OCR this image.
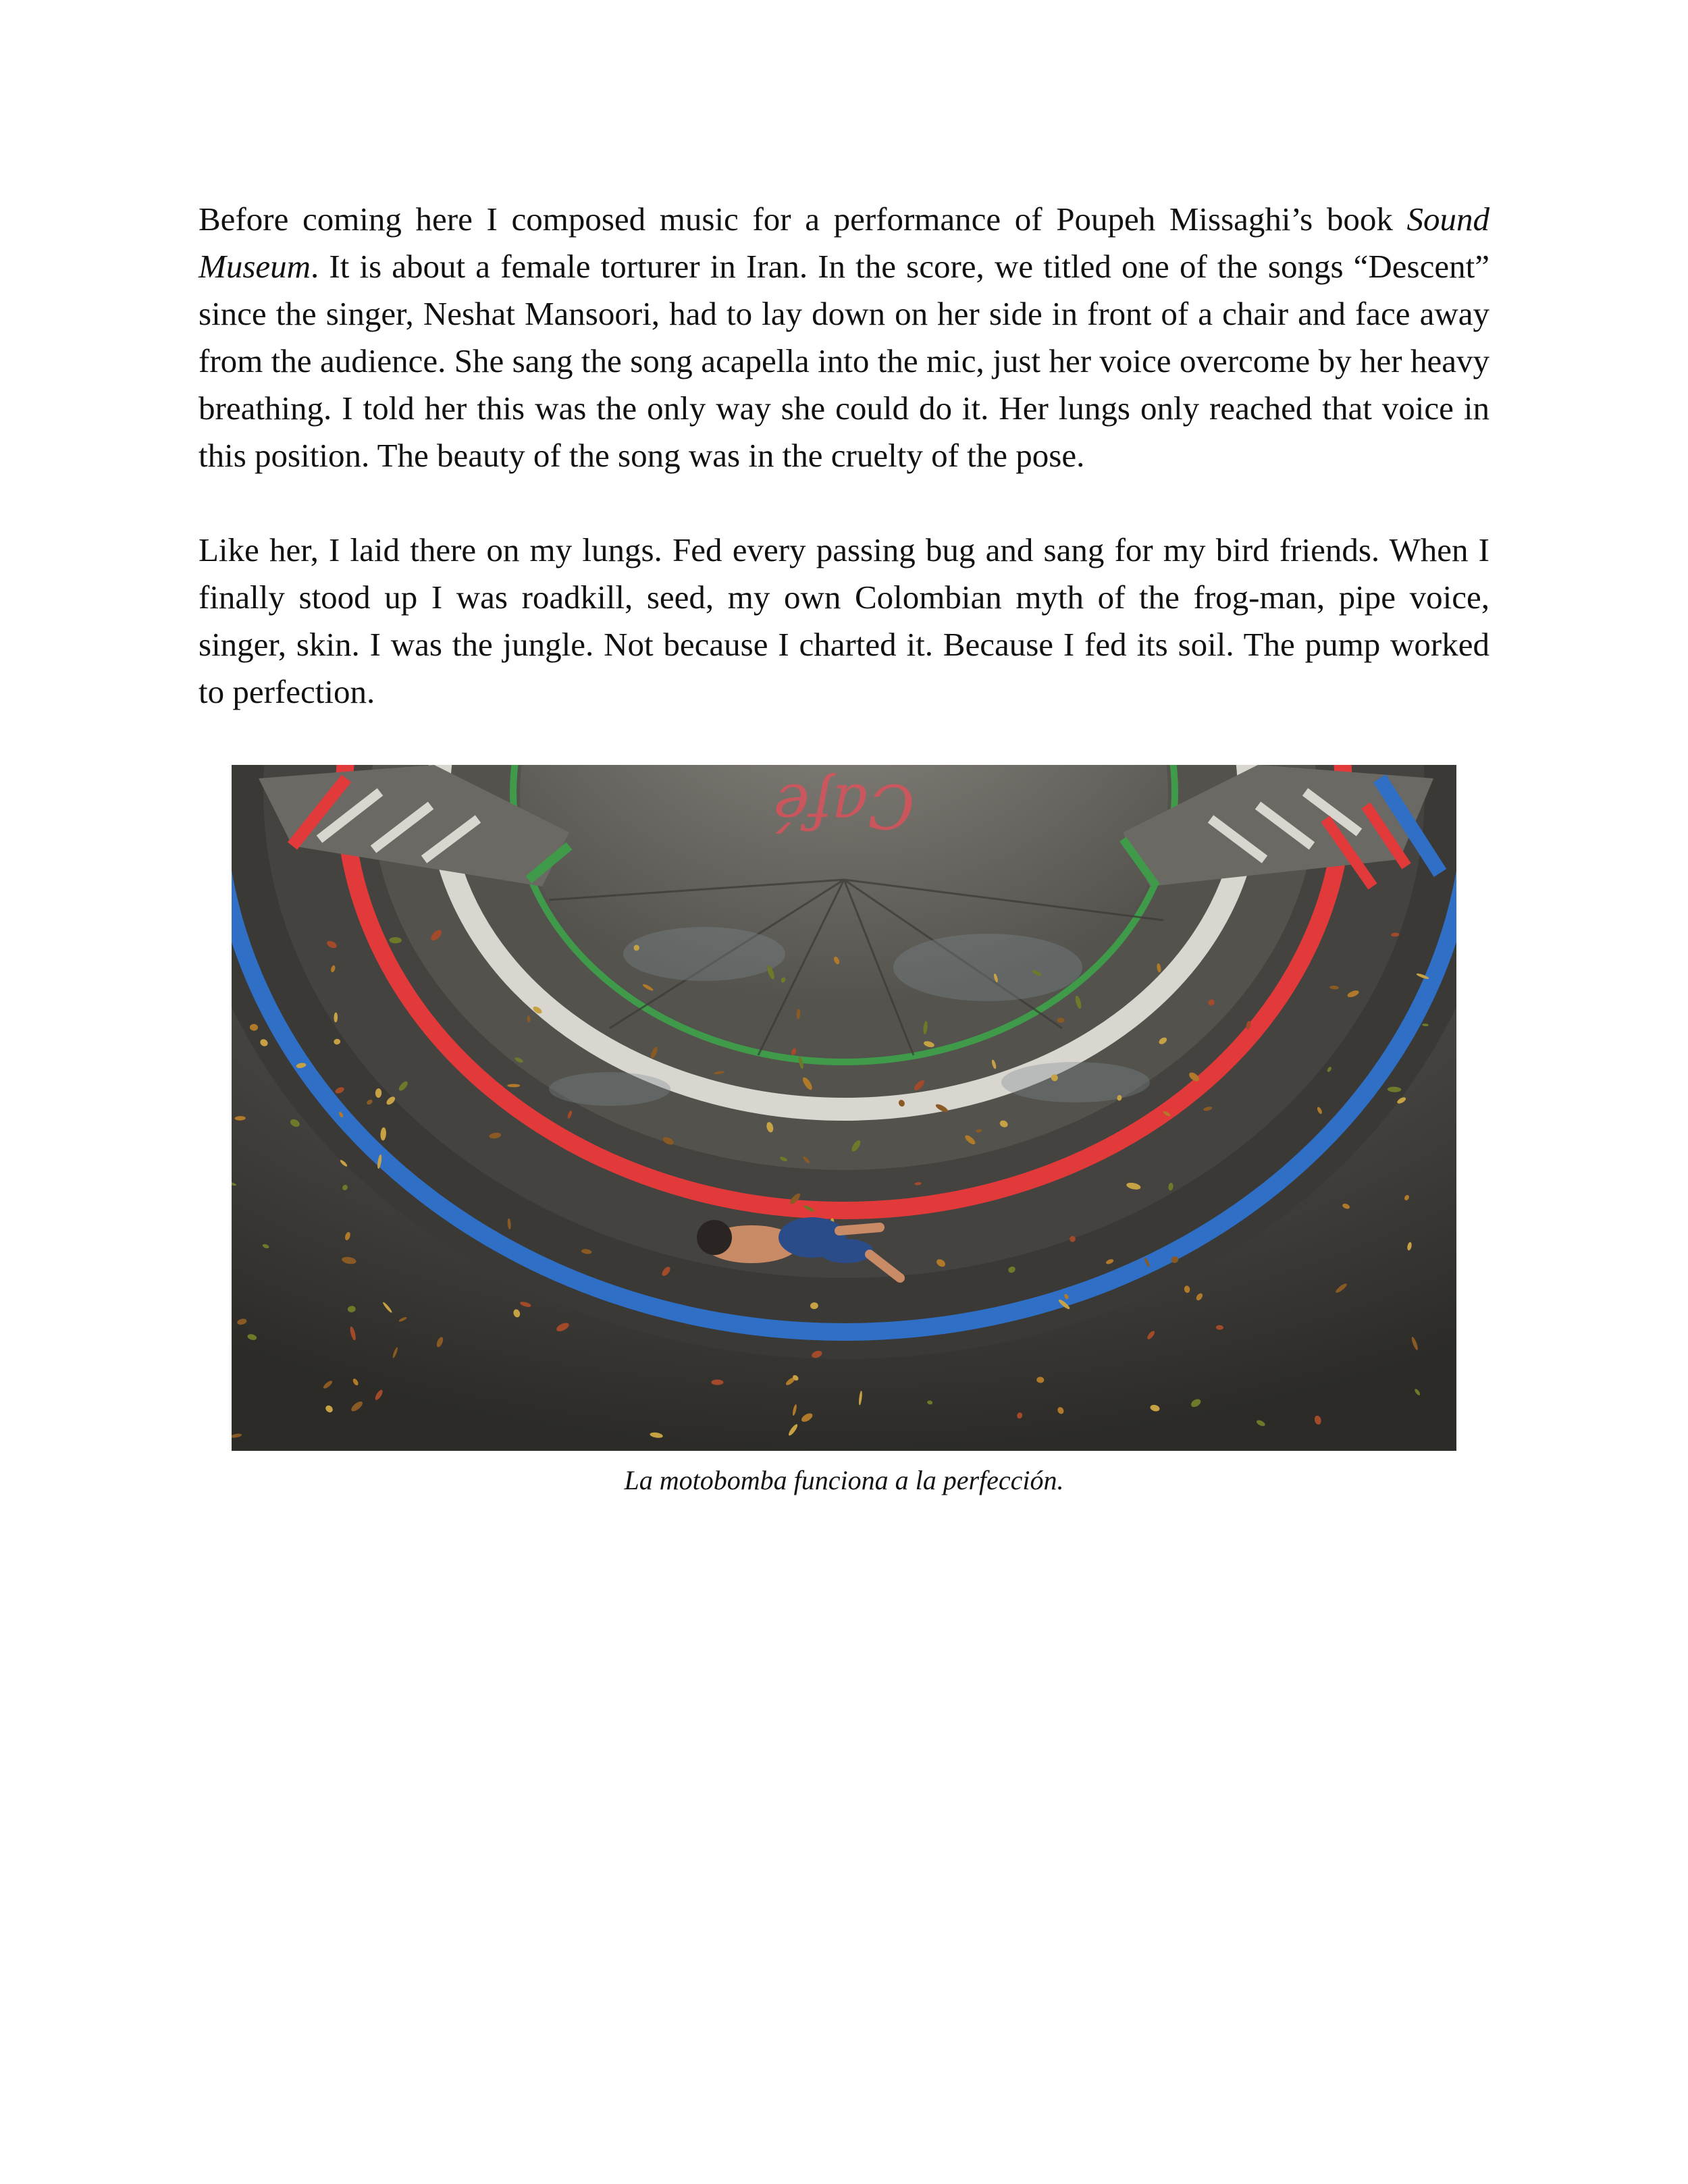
Before coming here I composed music for a performance of Poupeh Missaghi’s book Sound Museum. It is about a female torturer in Iran. In the score, we titled one of the songs “Descent” since the singer, Neshat Mansoori, had to lay down on her side in front of a chair and face away from the audience. She sang the song acapella into the mic, just her voice overcome by her heavy breathing. I told her this was the only way she could do it. Her lungs only reached that voice in this position. The beauty of the song was in the cruelty of the pose.

Like her, I laid there on my lungs. Fed every passing bug and sang for my bird friends. When I finally stood up I was roadkill, seed, my own Colombian myth of the frog-man, pipe voice, singer, skin. I was the jungle. Not because I charted it. Because I fed its soil. The pump worked to perfection.

Café

La motobomba funciona a la perfección.
